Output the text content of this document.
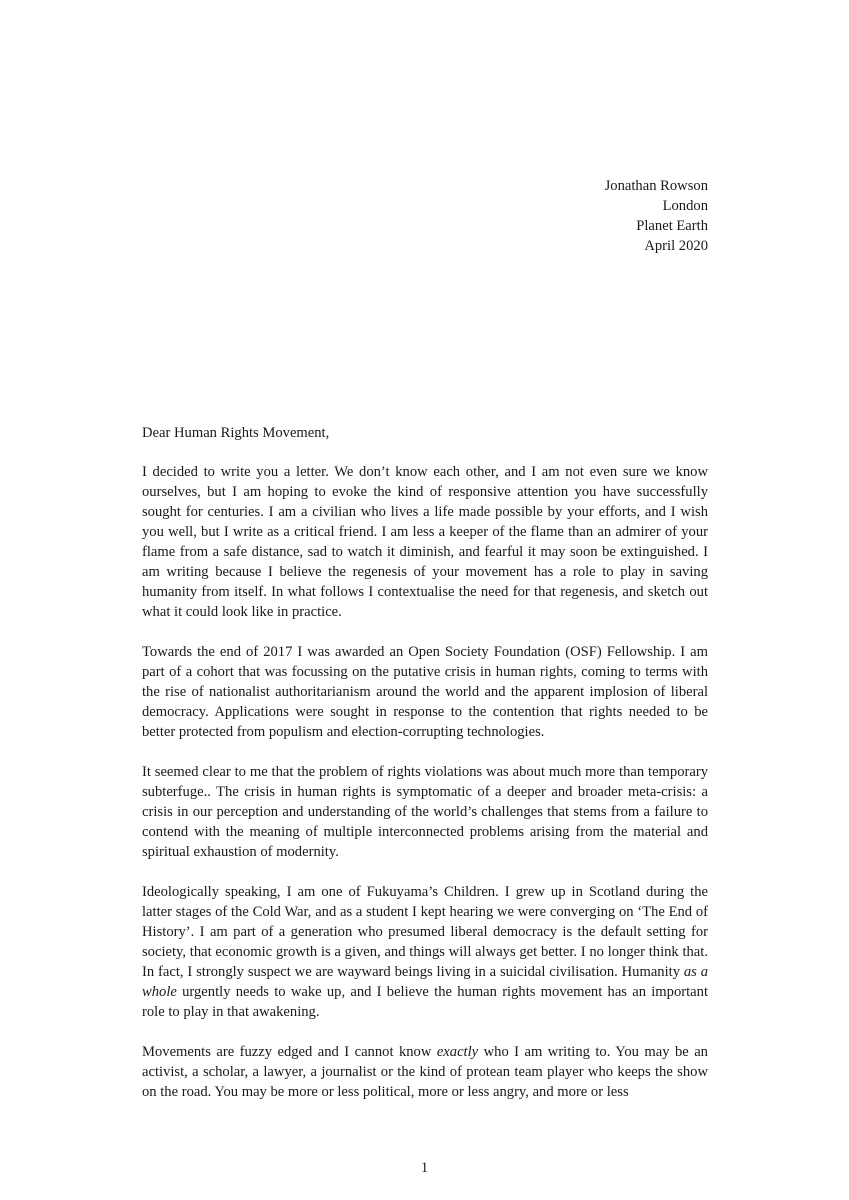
Jonathan Rowson
London
Planet Earth
April 2020

Dear Human Rights Movement,

I decided to write you a letter. We don’t know each other, and I am not even sure we know ourselves, but I am hoping to evoke the kind of responsive attention you have successfully sought for centuries. I am a civilian who lives a life made possible by your efforts, and I wish you well, but I write as a critical friend. I am less a keeper of the flame than an admirer of your flame from a safe distance, sad to watch it diminish, and fearful it may soon be extinguished. I am writing because I believe the regenesis of your movement has a role to play in saving humanity from itself. In what follows I contextualise the need for that regenesis, and sketch out what it could look like in practice.

Towards the end of 2017 I was awarded an Open Society Foundation (OSF) Fellowship. I am part of a cohort that was focussing on the putative crisis in human rights, coming to terms with the rise of nationalist authoritarianism around the world and the apparent implosion of liberal democracy. Applications were sought in response to the contention that rights needed to be better protected from populism and election-corrupting technologies.

It seemed clear to me that the problem of rights violations was about much more than temporary subterfuge.. The crisis in human rights is symptomatic of a deeper and broader meta-crisis: a crisis in our perception and understanding of the world’s challenges that stems from a failure to contend with the meaning of multiple interconnected problems arising from the material and spiritual exhaustion of modernity.

Ideologically speaking, I am one of Fukuyama’s Children. I grew up in Scotland during the latter stages of the Cold War, and as a student I kept hearing we were converging on ‘The End of History’. I am part of a generation who presumed liberal democracy is the default setting for society, that economic growth is a given, and things will always get better. I no longer think that. In fact, I strongly suspect we are wayward beings living in a suicidal civilisation. Humanity as a whole urgently needs to wake up, and I believe the human rights movement has an important role to play in that awakening.

Movements are fuzzy edged and I cannot know exactly who I am writing to. You may be an activist, a scholar, a lawyer, a journalist or the kind of protean team player who keeps the show on the road. You may be more or less political, more or less angry, and more or less

1
